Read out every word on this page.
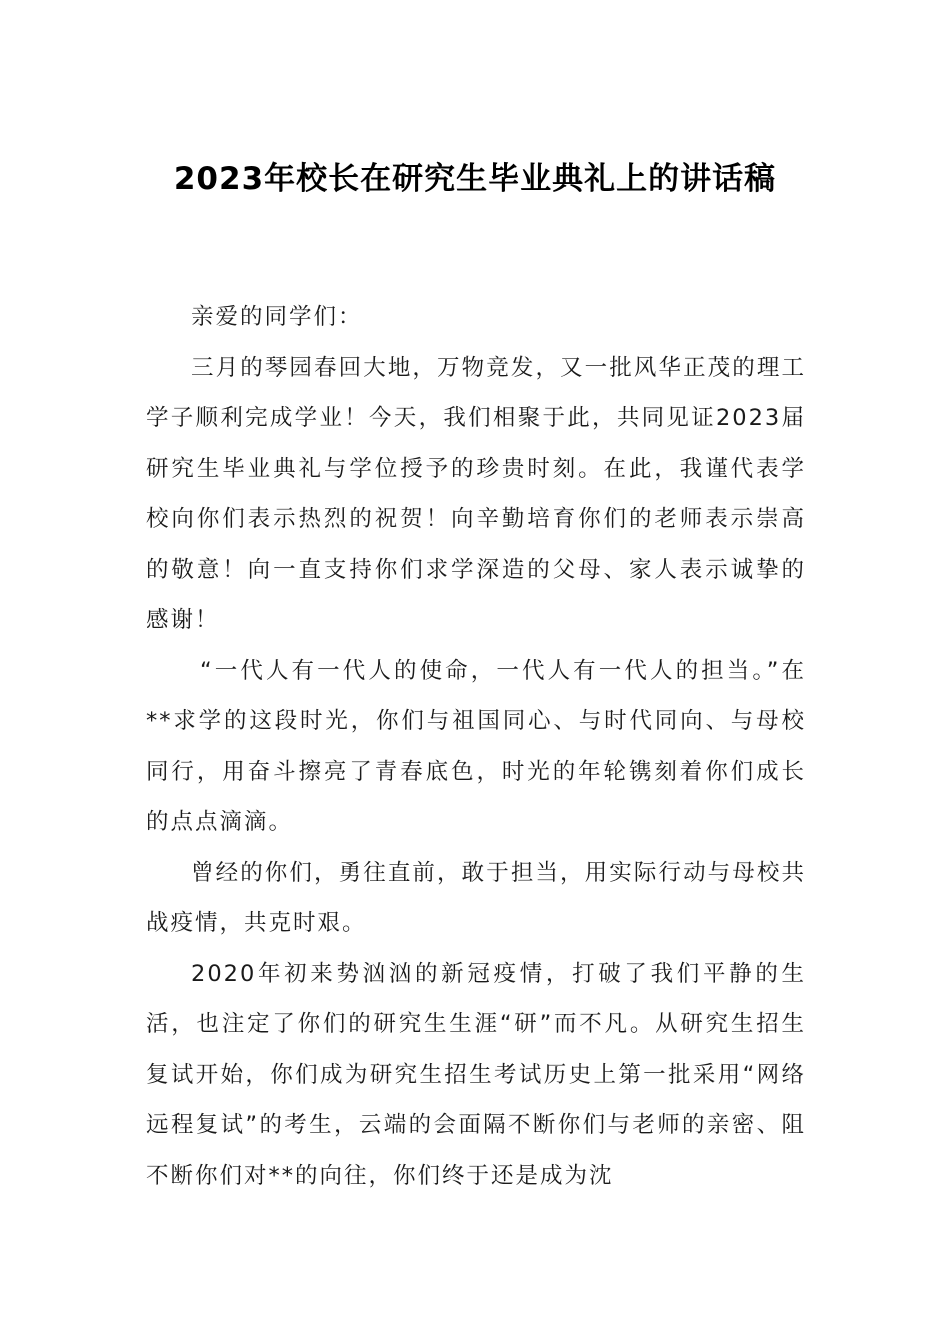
2023年校长在研究生毕业典礼上的讲话稿

亲爱的同学们：

三月的琴园春回大地，万物竞发，又一批风华正茂的理工学子顺利完成学业！今天，我们相聚于此，共同见证2023届研究生毕业典礼与学位授予的珍贵时刻。在此，我谨代表学校向你们表示热烈的祝贺！向辛勤培育你们的老师表示崇高的敬意！向一直支持你们求学深造的父母、家人表示诚挚的感谢！

“一代人有一代人的使命，一代人有一代人的担当。”在**求学的这段时光，你们与祖国同心、与时代同向、与母校同行，用奋斗擦亮了青春底色，时光的年轮镌刻着你们成长的点点滴滴。

曾经的你们，勇往直前，敢于担当，用实际行动与母校共战疫情，共克时艰。

2020年初来势汹汹的新冠疫情，打破了我们平静的生活，也注定了你们的研究生生涯“研”而不凡。从研究生招生复试开始，你们成为研究生招生考试历史上第一批采用“网络远程复试”的考生，云端的会面隔不断你们与老师的亲密、阻不断你们对**的向往，你们终于还是成为沈
